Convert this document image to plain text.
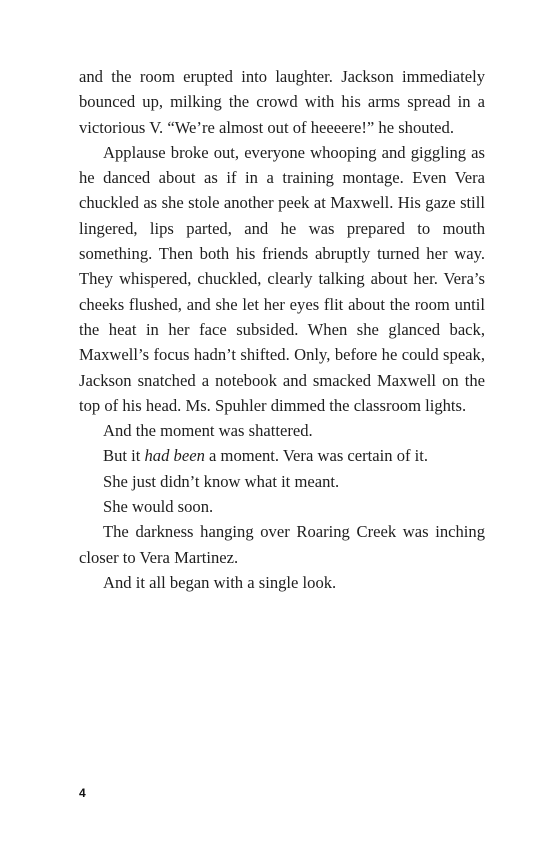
and the room erupted into laughter. Jackson immediately bounced up, milking the crowd with his arms spread in a victorious V. “We’re almost out of heeeere!” he shouted.

Applause broke out, everyone whooping and giggling as he danced about as if in a training montage. Even Vera chuckled as she stole another peek at Maxwell. His gaze still lingered, lips parted, and he was prepared to mouth something. Then both his friends abruptly turned her way. They whispered, chuckled, clearly talking about her. Vera’s cheeks flushed, and she let her eyes flit about the room until the heat in her face subsided. When she glanced back, Maxwell’s focus hadn’t shifted. Only, before he could speak, Jackson snatched a notebook and smacked Maxwell on the top of his head. Ms. Spuhler dimmed the classroom lights.

And the moment was shattered.

But it had been a moment. Vera was certain of it.

She just didn’t know what it meant.

She would soon.

The darkness hanging over Roaring Creek was inching closer to Vera Martinez.

And it all began with a single look.

4
